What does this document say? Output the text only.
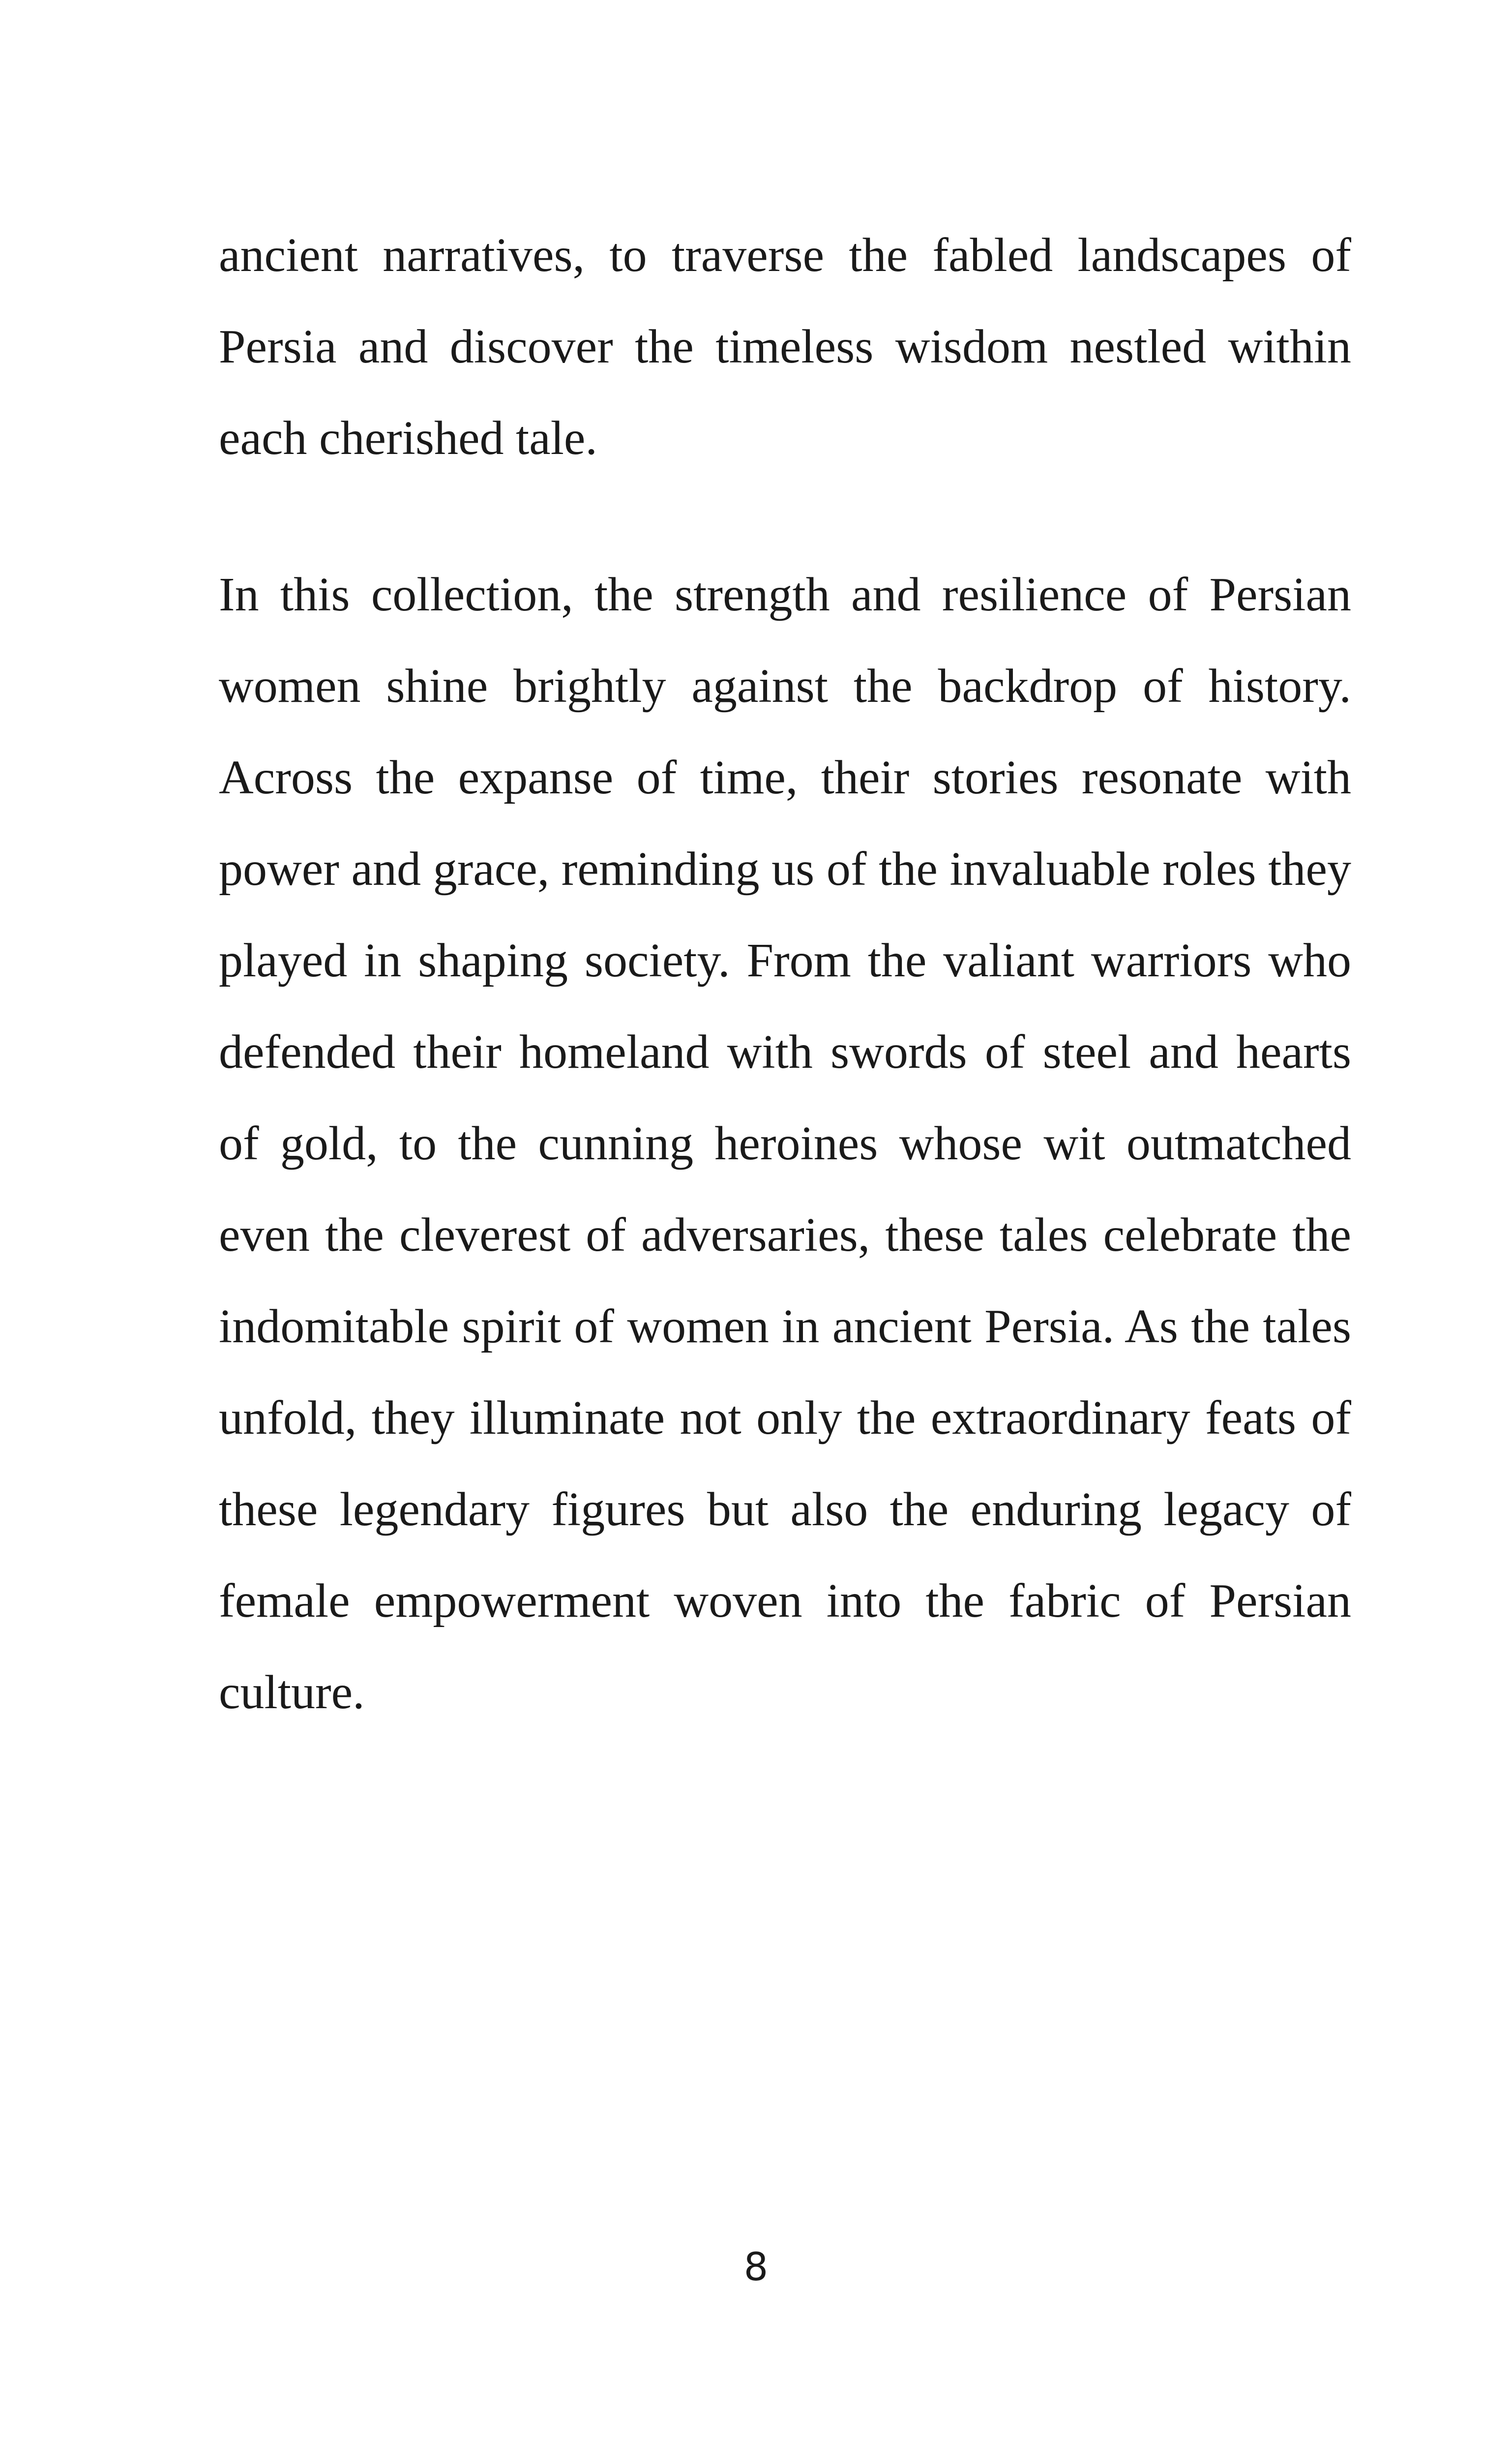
ancient narratives, to traverse the fabled landscapes of Persia and discover the timeless wisdom nestled within each cherished tale.

In this collection, the strength and resilience of Persian women shine brightly against the backdrop of history. Across the expanse of time, their stories resonate with power and grace, reminding us of the invaluable roles they played in shaping society. From the valiant warriors who defended their homeland with swords of steel and hearts of gold, to the cunning heroines whose wit outmatched even the cleverest of adversaries, these tales celebrate the indomitable spirit of women in ancient Persia. As the tales unfold, they illuminate not only the extraordinary feats of these legendary figures but also the enduring legacy of female empowerment woven into the fabric of Persian culture.

8
